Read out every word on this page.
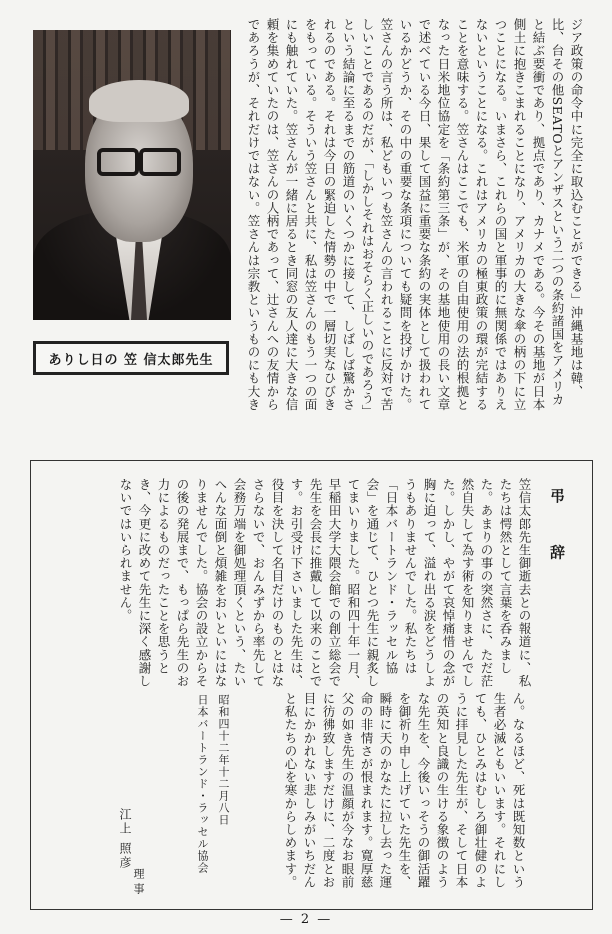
ありし日の 笠 信太郎先生

ジア政策の命令中に完全に取込むことができる」沖縄基地は韓、比、台その他SEATOとアンザスという二つの条約諸国をアメリカと結ぶ要衝であり、拠点であり、カナメである。今その基地が日本側土に抱きこまれることになり、アメリカの大きな傘の柄の下に立つことになる。いまさら、これらの国と軍事的に無関係ではありえないということになる。これはアメリカの極東政策の環が完結することを意味する。笠さんはここでも、米軍の自由使用の法的根拠となった日米地位協定を「条約第三条」が、その基地使用の長い文章で述べている今日、果して国益に重要な条約の実体として扱われているかどうか、その中の重要な条項についても疑問を投げかけた。笠さんの言う所は、私どもいつも笠さんの言われることに反対で苦しいことであるのだが、「しかしそれはおそらく正しいのであろう」という結論に至るまでの筋道のいくつかに接して、しばしば驚かされるのである。それは今日の緊迫した情勢の中で一層切実なひびきをもっている。そういう笠さんと共に、私は笠さんのもう一つの面にも触れていた。笠さんが一緒に居るとき同窓の友人達に大きな信頼を集めていたのは、笠さんの人柄であって、辻さんへの友情からであろうが、それだけではない。笠さんは宗教というものにも大き

弔 辞

笠信太郎先生御逝去との報道に、私たちは愕然として言葉を呑みました。あまりの事の突然さに、ただ茫然自失して為す術を知りませんでした。しかし、やがて哀悼痛惜の念が胸に迫って、溢れ出る涙をどうしようもありませんでした。私たちは「日本バートランド・ラッセル協会」を通じて、ひとつ先生に親炙してまいりました。昭和四十年一月、早稲田大学大隈会館での創立総会で先生を会長に推戴して以来のことです。お引受け下さいました先生は、役目を決して名目だけのものとはなさらないで、おんみずから率先して会務万端を御処理頂くという、たいへんな面倒と煩雑をおいといにはなりませんでした。協会の設立からその後の発展まで、もっぱら先生のお力によるものだったことを思うとき、今更に改めて先生に深く感謝しないではいられません。

ん。なるほど、死は既知数という生者必滅ともいいます。それにしても、ひとみはむしろ御壮健のように拝見した先生が、そして日本の英知と良識の生ける象徴のような先生を、今後いっそうの御活躍を御祈り申し上げていた先生を、瞬時に天のかなたに拉し去った運命の非情さが恨まれます。寛厚慈父の如き先生の温顔が今なお眼前に彷彿致しますだけに、二度とお目にかかれない悲しみがいちだんと私たちの心を寒からしめます。

昭和四十二年十二月八日
日本バートランド・ラッセル協会
理事
江上 照彦
— 2 —
